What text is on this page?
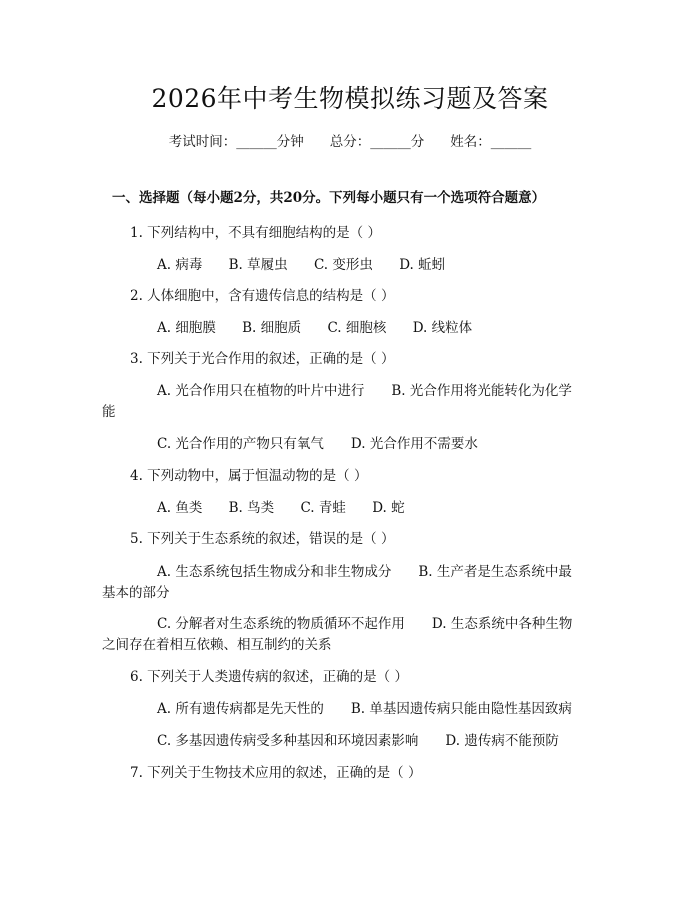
2026年中考生物模拟练习题及答案
考试时间：______分钟 总分：______分 姓名：______
一、选择题（每小题2分，共20分。下列每小题只有一个选项符合题意）
1. 下列结构中，不具有细胞结构的是（ ）
A. 病毒 B. 草履虫 C. 变形虫 D. 蚯蚓
2. 人体细胞中，含有遗传信息的结构是（ ）
A. 细胞膜 B. 细胞质 C. 细胞核 D. 线粒体
3. 下列关于光合作用的叙述，正确的是（ ）
A. 光合作用只在植物的叶片中进行　　B. 光合作用将光能转化为化学
能
C. 光合作用的产物只有氧气　　D. 光合作用不需要水
4. 下列动物中，属于恒温动物的是（ ）
A. 鱼类 B. 鸟类 C. 青蛙 D. 蛇
5. 下列关于生态系统的叙述，错误的是（ ）
A. 生态系统包括生物成分和非生物成分　　B. 生产者是生态系统中最
基本的部分
C. 分解者对生态系统的物质循环不起作用　　D. 生态系统中各种生物
之间存在着相互依赖、相互制约的关系
6. 下列关于人类遗传病的叙述，正确的是（ ）
A. 所有遗传病都是先天性的　　B. 单基因遗传病只能由隐性基因致病
C. 多基因遗传病受多种基因和环境因素影响　　D. 遗传病不能预防
7. 下列关于生物技术应用的叙述，正确的是（ ）
